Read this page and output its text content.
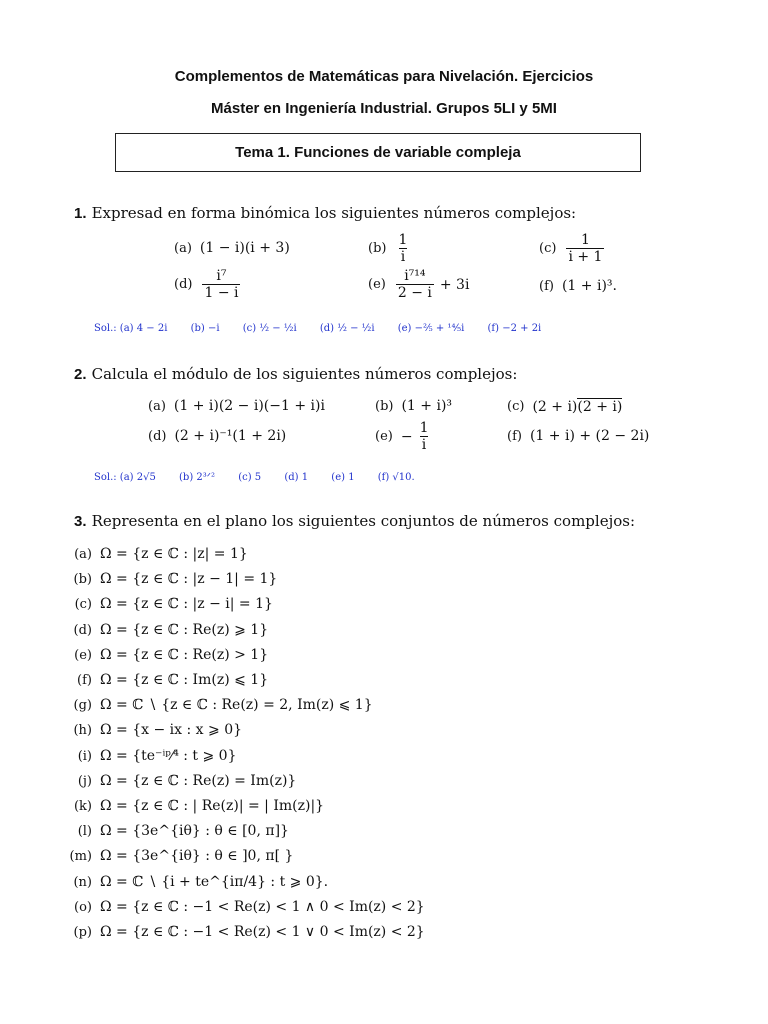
Complementos de Matemáticas para Nivelación. Ejercicios
Máster en Ingeniería Industrial. Grupos 5LI y 5MI
Tema 1. Funciones de variable compleja
1. Expresad en forma binómica los siguientes números complejos:
(a) (1 − i)(i + 3)	$(b) \frac{1}{i}$	$(c) \frac{1}{i + 1}$
$(d) \frac{\text{i⁷}}{1 - i}$	$(e) \frac{\text{i⁷¹⁴}}{2 - i} + 3i$	(f) (1 + i)³.
Sol.: (a) 4 − 2i (b) −i (c) ½ − ½i (d) ½ − ½i (e) −⅖ + ¹⁴⁄₅i (f) −2 + 2i
2. Calcula el módulo de los siguientes números complejos:
(a) (1 + i)(2 − i)(−1 + i)i	(b) (1 + i)³	(c) (2 + i) (2 + i)
(d) (2 + i)⁻¹(1 + 2i)	$(e) - \frac{1}{i}$	(f) (1 + i) + (2 − 2i)
Sol.: (a) 2√5 (b) 2³ᐟ² (c) 5 (d) 1 (e) 1 (f) √10.
3. Representa en el plano los siguientes conjuntos de números complejos:
(a) Ω = {z ∈ ℂ : |z| = 1}
(b) Ω = {z ∈ ℂ : |z − 1| = 1}
(c) Ω = {z ∈ ℂ : |z − i| = 1}
(d) Ω = {z ∈ ℂ : Re(z) ⩾ 1}
(e) Ω = {z ∈ ℂ : Re(z) > 1}
(f) Ω = {z ∈ ℂ : Im(z) ⩽ 1}
(g) Ω = ℂ ∖ {z ∈ ℂ : Re(z) = 2, Im(z) ⩽ 1}
(h) Ω = {x − ix : x ⩾ 0}
(i) Ω = {te⁻ⁱᵖ⁄⁴ : t ⩾ 0}
(j) Ω = {z ∈ ℂ : Re(z) = Im(z)}
(k) Ω = {z ∈ ℂ : | Re(z)| = | Im(z)|}
(l) Ω = {3e^{iθ} : θ ∈ [0, π]}
(m) Ω = {3e^{iθ} : θ ∈ ]0, π[ }
(n) Ω = ℂ ∖ {i + te^{iπ/4} : t ⩾ 0}.
(o) Ω = {z ∈ ℂ : −1 < Re(z) < 1 ∧ 0 < Im(z) < 2}
(p) Ω = {z ∈ ℂ : −1 < Re(z) < 1 ∨ 0 < Im(z) < 2}
